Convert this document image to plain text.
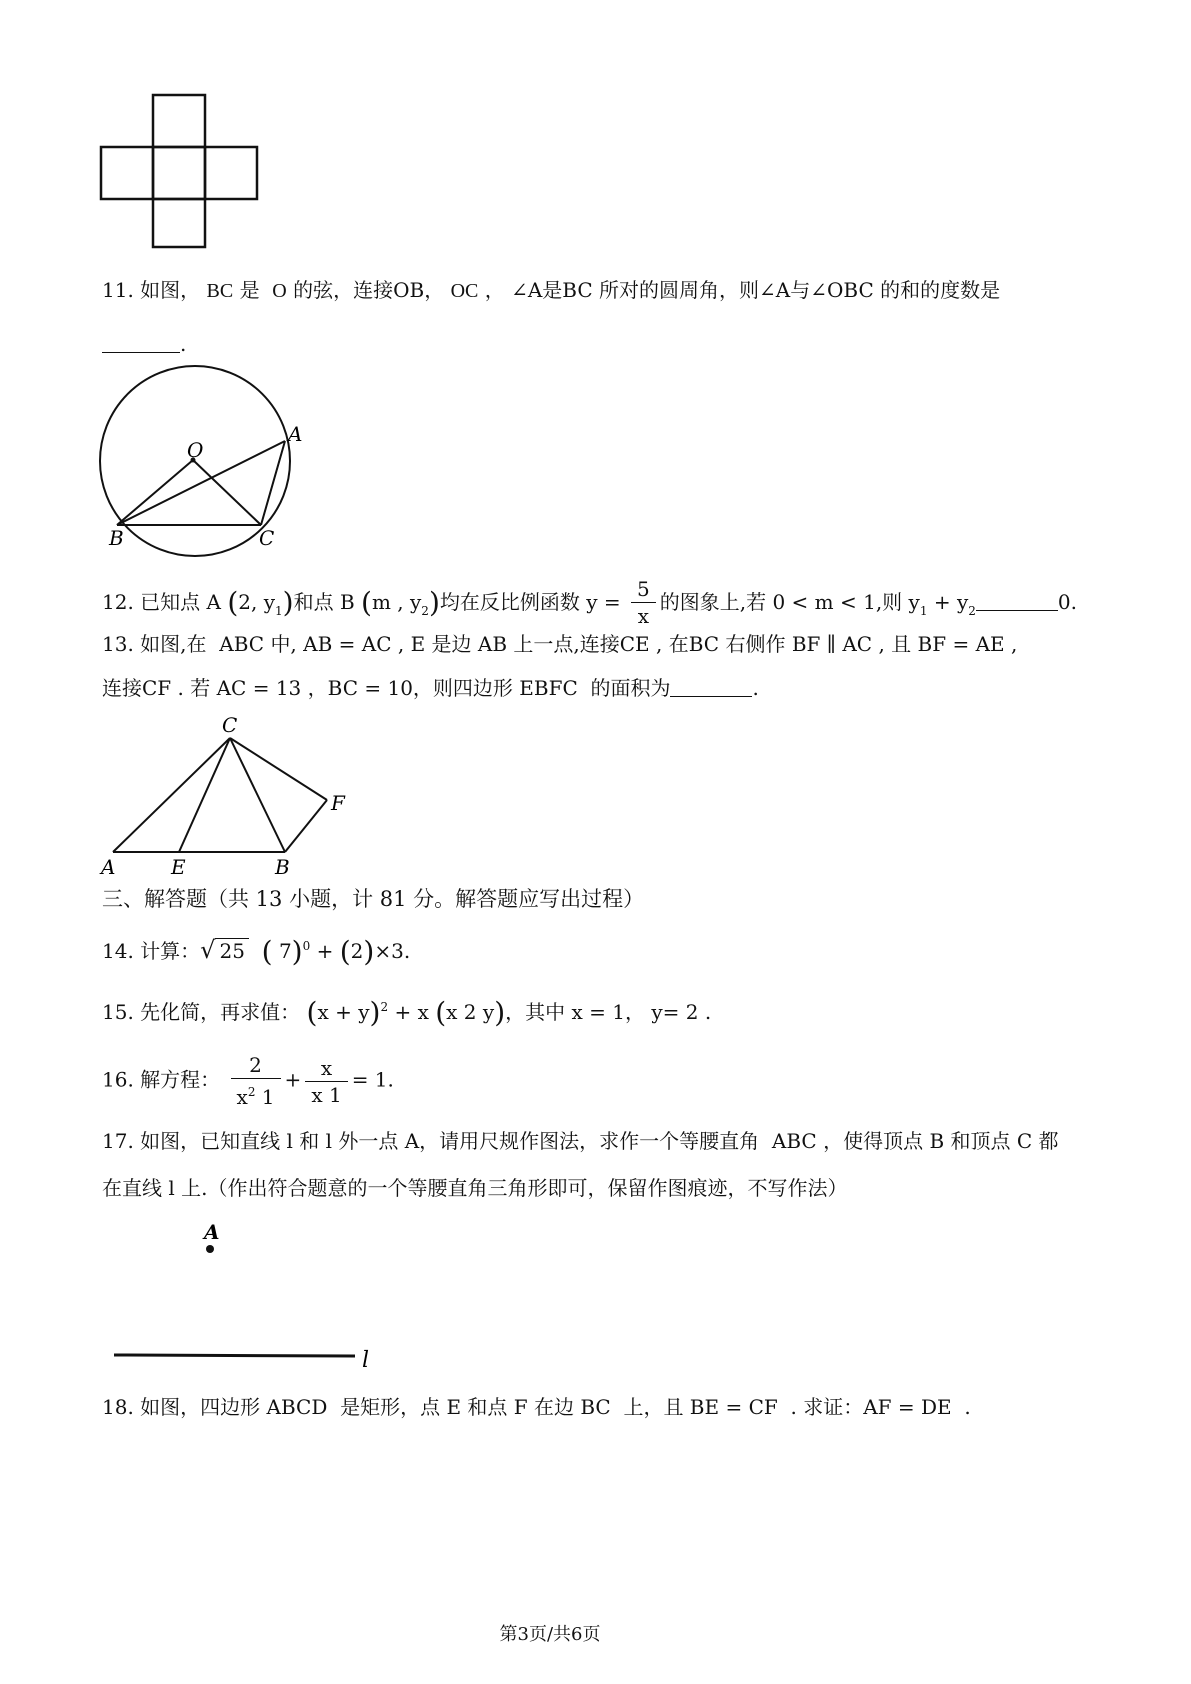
11. 如图， BC 是 O 的弦，连接OB， OC ， ∠A是BC 所对的圆周角，则∠A与∠OBC 的和的度数是
.
O
A
B	C
12. 已知点 A (2, $y_1$)和点 B (m , $y_2$)均在反比例函数 $y = \frac{5}{x}$ 的图象上,若 0 < m < 1,则 $y_1 + y_2$	0.
13. 如图,在 ABC 中, AB = AC , E 是边 AB 上一点,连接CE , 在BC 右侧作 BF ∥ AC , 且 BF = AE ,
连接CF . 若 AC = 13 ，BC = 10，则四边形 EBFC 的面积为	.
C
F
A	E	B
三、解答题（共 13 小题，计 81 分。解答题应写出过程）
14. 计算：√ 25 ( 7)$^0$ + (2)×3.
15. 先化简，再求值： $(x + y)^2 + x$ (x 2 y)，其中 x = 1， y= 2 .
16. 解方程： $\frac{2}{x^2 1} + \frac{x}{x 1} = 1$.
17. 如图，已知直线 l 和 l 外一点 A，请用尺规作图法，求作一个等腰直角 ABC ，使得顶点 B 和顶点 C 都
在直线 l 上.（作出符合题意的一个等腰直角三角形即可，保留作图痕迹，不写作法）
A
l
18. 如图，四边形 ABCD 是矩形，点 E 和点 F 在边 BC 上，且 BE = CF . 求证：AF = DE .
第3页/共6页
